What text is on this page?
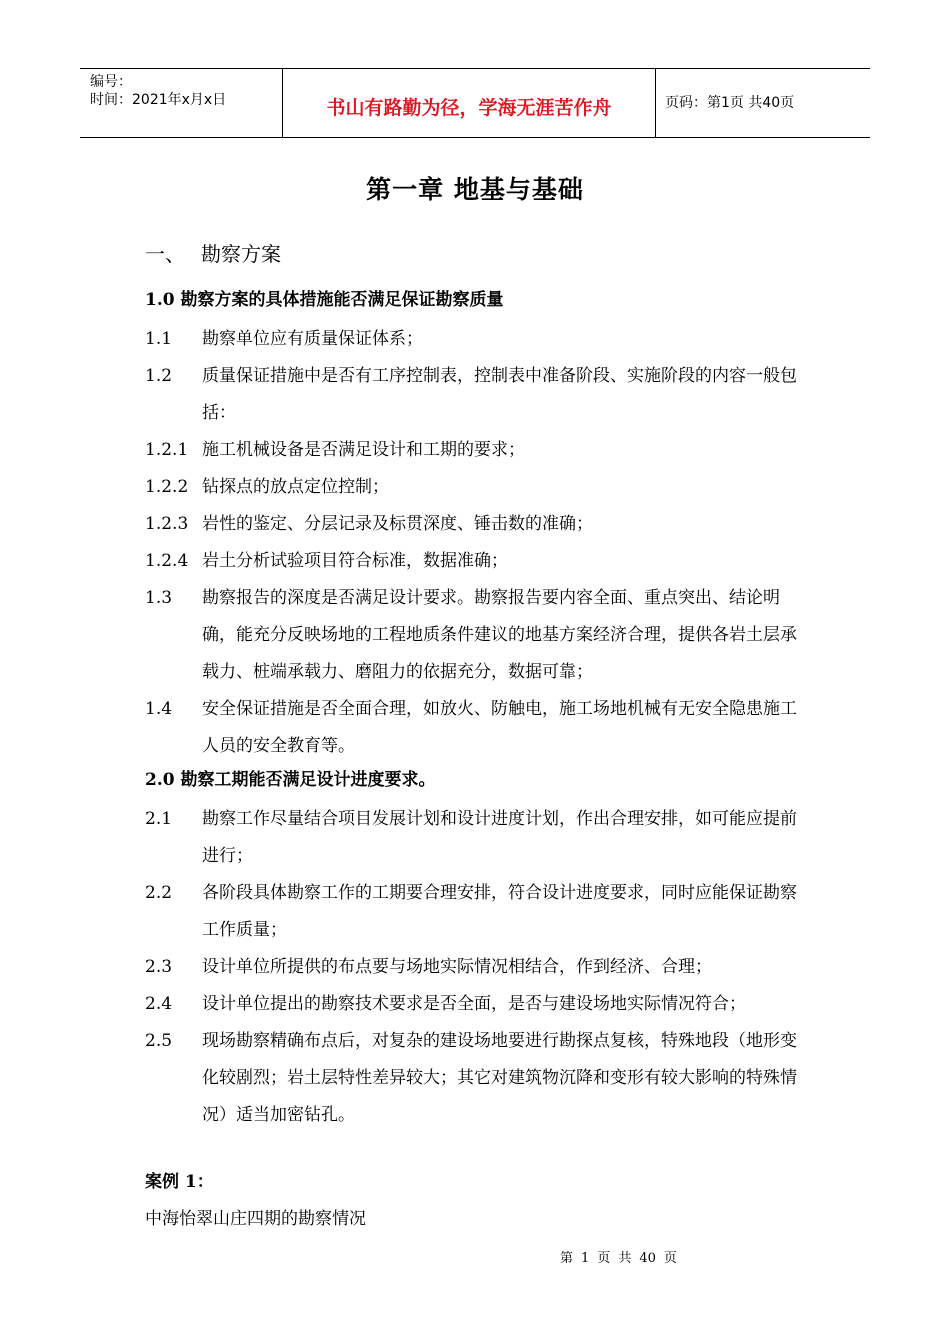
编号：
时间：2021年x月x日	书山有路勤为径，学海无涯苦作舟	页码：第1页 共40页
第一章 地基与基础
一、 勘察方案
1.0 勘察方案的具体措施能否满足保证勘察质量
1.1 勘察单位应有质量保证体系；
1.2 质量保证措施中是否有工序控制表，控制表中准备阶段、实施阶段的内容一般包括：
1.2.1 施工机械设备是否满足设计和工期的要求；
1.2.2 钻探点的放点定位控制；
1.2.3 岩性的鉴定、分层记录及标贯深度、锤击数的准确；
1.2.4 岩土分析试验项目符合标准，数据准确；
1.3 勘察报告的深度是否满足设计要求。勘察报告要内容全面、重点突出、结论明确，能充分反映场地的工程地质条件建议的地基方案经济合理，提供各岩土层承载力、桩端承载力、磨阻力的依据充分，数据可靠；
1.4 安全保证措施是否全面合理，如放火、防触电，施工场地机械有无安全隐患施工人员的安全教育等。
2.0 勘察工期能否满足设计进度要求。
2.1 勘察工作尽量结合项目发展计划和设计进度计划，作出合理安排，如可能应提前进行；
2.2 各阶段具体勘察工作的工期要合理安排，符合设计进度要求，同时应能保证勘察工作质量；
2.3 设计单位所提供的布点要与场地实际情况相结合，作到经济、合理；
2.4 设计单位提出的勘察技术要求是否全面，是否与建设场地实际情况符合；
2.5 现场勘察精确布点后，对复杂的建设场地要进行勘探点复核，特殊地段（地形变化较剧烈；岩土层特性差异较大；其它对建筑物沉降和变形有较大影响的特殊情况）适当加密钻孔。
案例 1：
中海怡翠山庄四期的勘察情况
第 1 页 共 40 页
